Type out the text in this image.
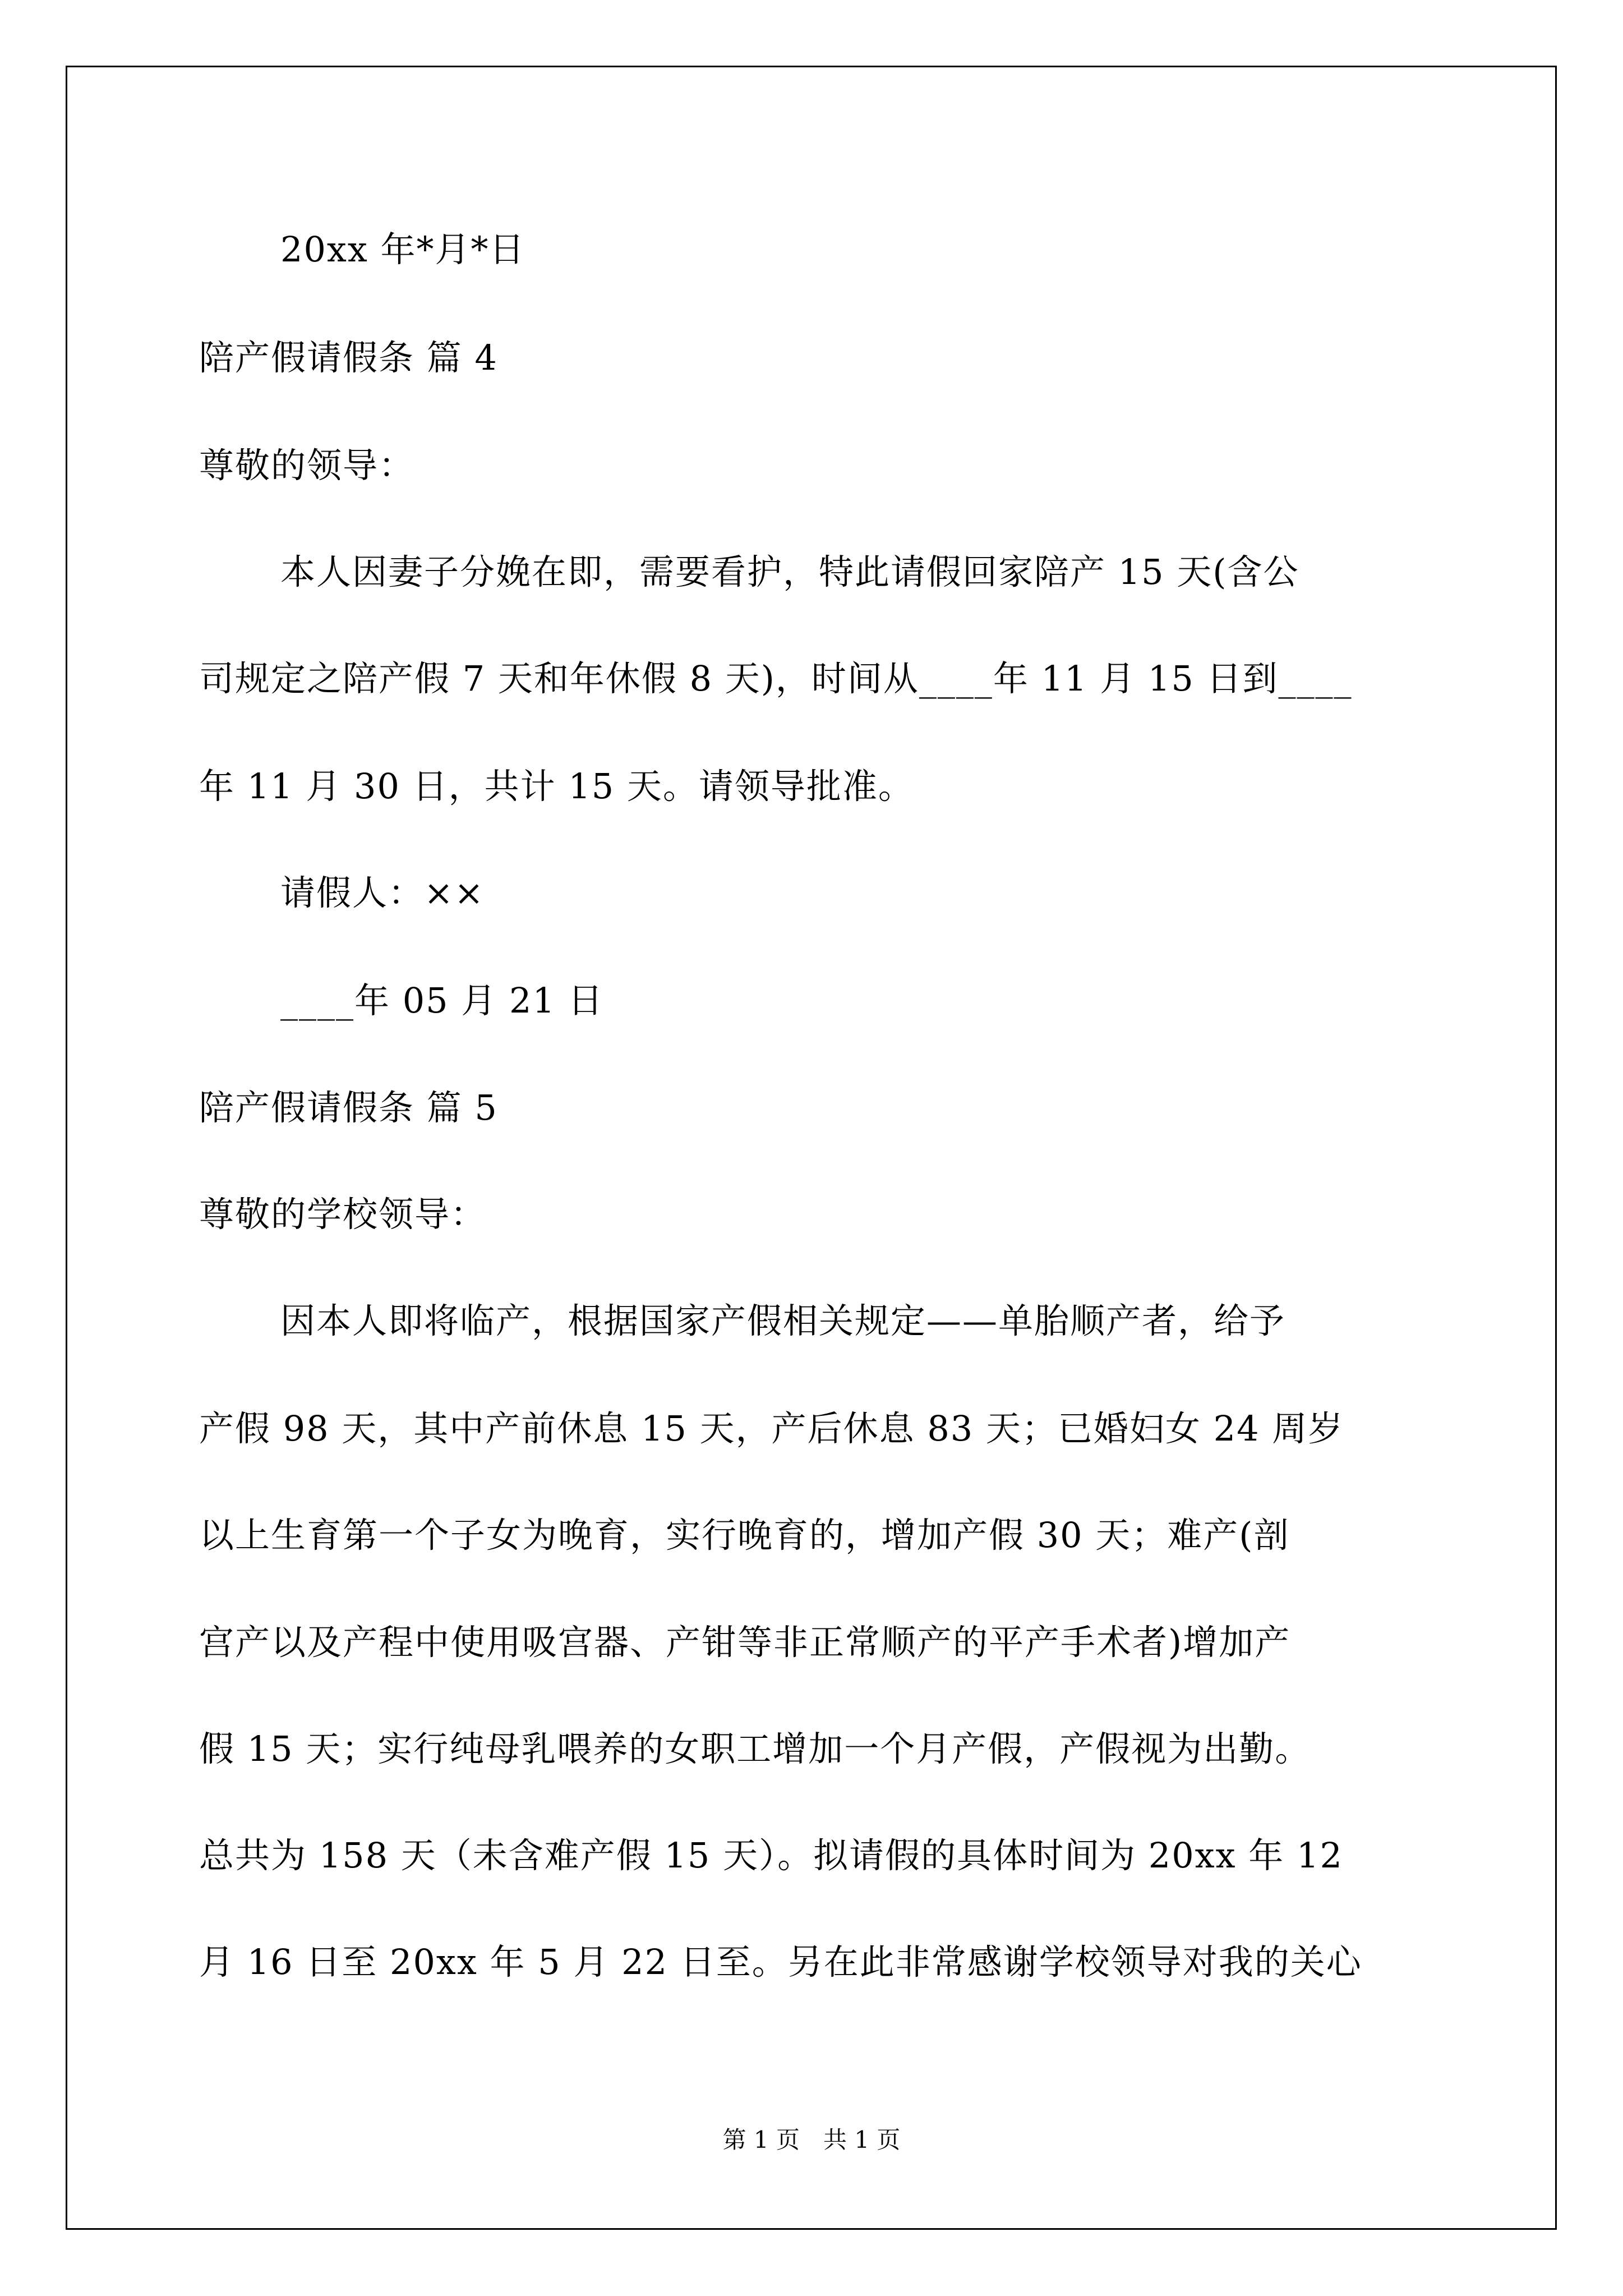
20xx 年*月*日
陪产假请假条 篇 4
尊敬的领导：
本人因妻子分娩在即，需要看护，特此请假回家陪产 15 天(含公
司规定之陪产假 7 天和年休假 8 天)，时间从____年 11 月 15 日到____
年 11 月 30 日，共计 15 天。请领导批准。
请假人：××
____年 05 月 21 日
陪产假请假条 篇 5
尊敬的学校领导：
因本人即将临产，根据国家产假相关规定——单胎顺产者，给予
产假 98 天，其中产前休息 15 天，产后休息 83 天；已婚妇女 24 周岁
以上生育第一个子女为晚育，实行晚育的，增加产假 30 天；难产(剖
宫产以及产程中使用吸宫器、产钳等非正常顺产的平产手术者)增加产
假 15 天；实行纯母乳喂养的女职工增加一个月产假，产假视为出勤。
总共为 158 天（未含难产假 15 天）。拟请假的具体时间为 20xx 年 12
月 16 日至 20xx 年 5 月 22 日至。另在此非常感谢学校领导对我的关心
第 1 页　共 1 页
